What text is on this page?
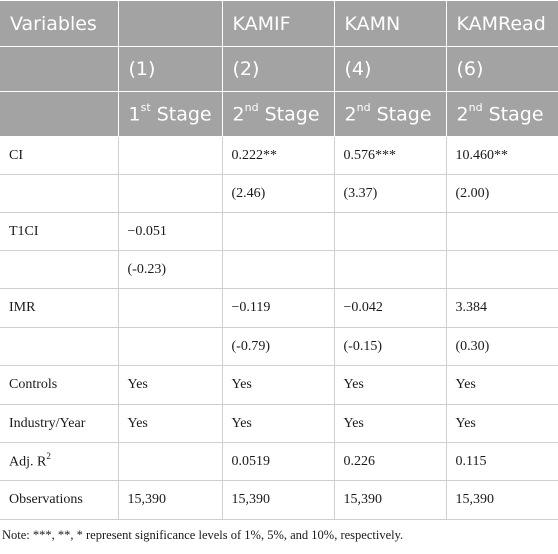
Variables		KAMIF	KAMN	KAMRead
	(1)	(2)	(4)	(6)
	1st Stage	2nd Stage	2nd Stage	2nd Stage
CI		0.222**	0.576***	10.460**
		(2.46)	(3.37)	(2.00)
T1CI	−0.051			
	(-0.23)			
IMR		−0.119	−0.042	3.384
		(-0.79)	(-0.15)	(0.30)
Controls	Yes	Yes	Yes	Yes
Industry/Year	Yes	Yes	Yes	Yes
Adj. $R^2$		0.0519	0.226	0.115
Observations	15,390	15,390	15,390	15,390
Note: ***, **, * represent significance levels of 1%, 5%, and 10%, respectively.
